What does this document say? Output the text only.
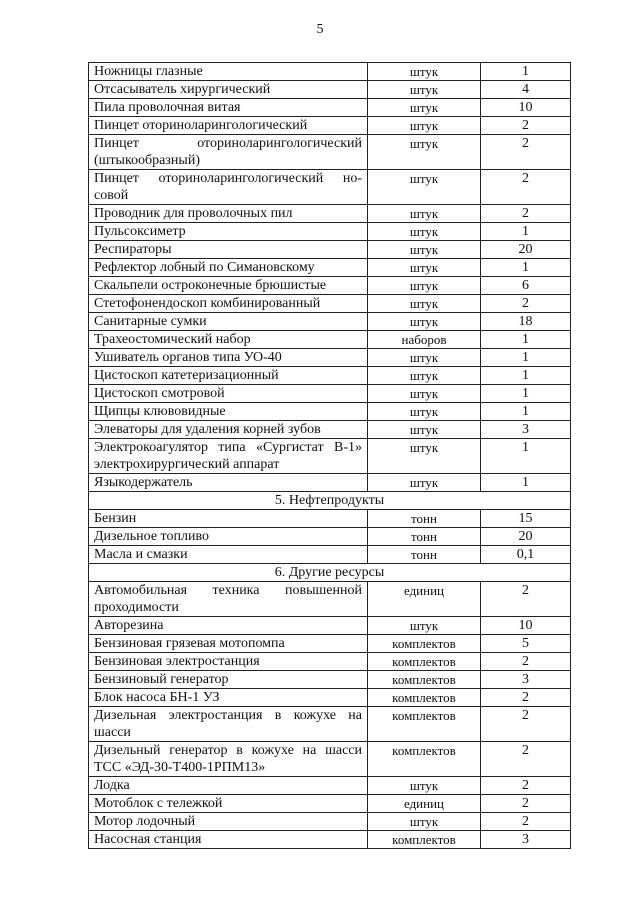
5
Ножницы глазные	штук	1
Отсасыватель хирургический	штук	4
Пила проволочная витая	штук	10
Пинцет оториноларингологический	штук	2
Пинцет оториноларингологический (штыкообразный)	штук	2
Пинцет оториноларингологический но-совой	штук	2
Проводник для проволочных пил	штук	2
Пульсоксиметр	штук	1
Респираторы	штук	20
Рефлектор лобный по Симановскому	штук	1
Скальпели остроконечные брюшистые	штук	6
Стетофонендоскоп комбинированный	штук	2
Санитарные сумки	штук	18
Трахеостомический набор	наборов	1
Ушиватель органов типа УО-40	штук	1
Цистоскоп катетеризационный	штук	1
Цистоскоп смотровой	штук	1
Щипцы клювовидные	штук	1
Элеваторы для удаления корней зубов	штук	3
Электрокоагулятор типа «Сургистат В-1» электрохирургический аппарат	штук	1
Языкодержатель	штук	1
5. Нефтепродукты		
Бензин	тонн	15
Дизельное топливо	тонн	20
Масла и смазки	тонн	0,1
6. Другие ресурсы		
Автомобильная техника повышенной проходимости	единиц	2
Авторезина	штук	10
Бензиновая грязевая мотопомпа	комплектов	5
Бензиновая электростанция	комплектов	2
Бензиновый генератор	комплектов	3
Блок насоса БН-1 УЗ	комплектов	2
Дизельная электростанция в кожухе на шасси	комплектов	2
Дизельный генератор в кожухе на шасси ТСС «ЭД-30-Т400-1РПМ13»	комплектов	2
Лодка	штук	2
Мотоблок с тележкой	единиц	2
Мотор лодочный	штук	2
Насосная станция	комплектов	3
